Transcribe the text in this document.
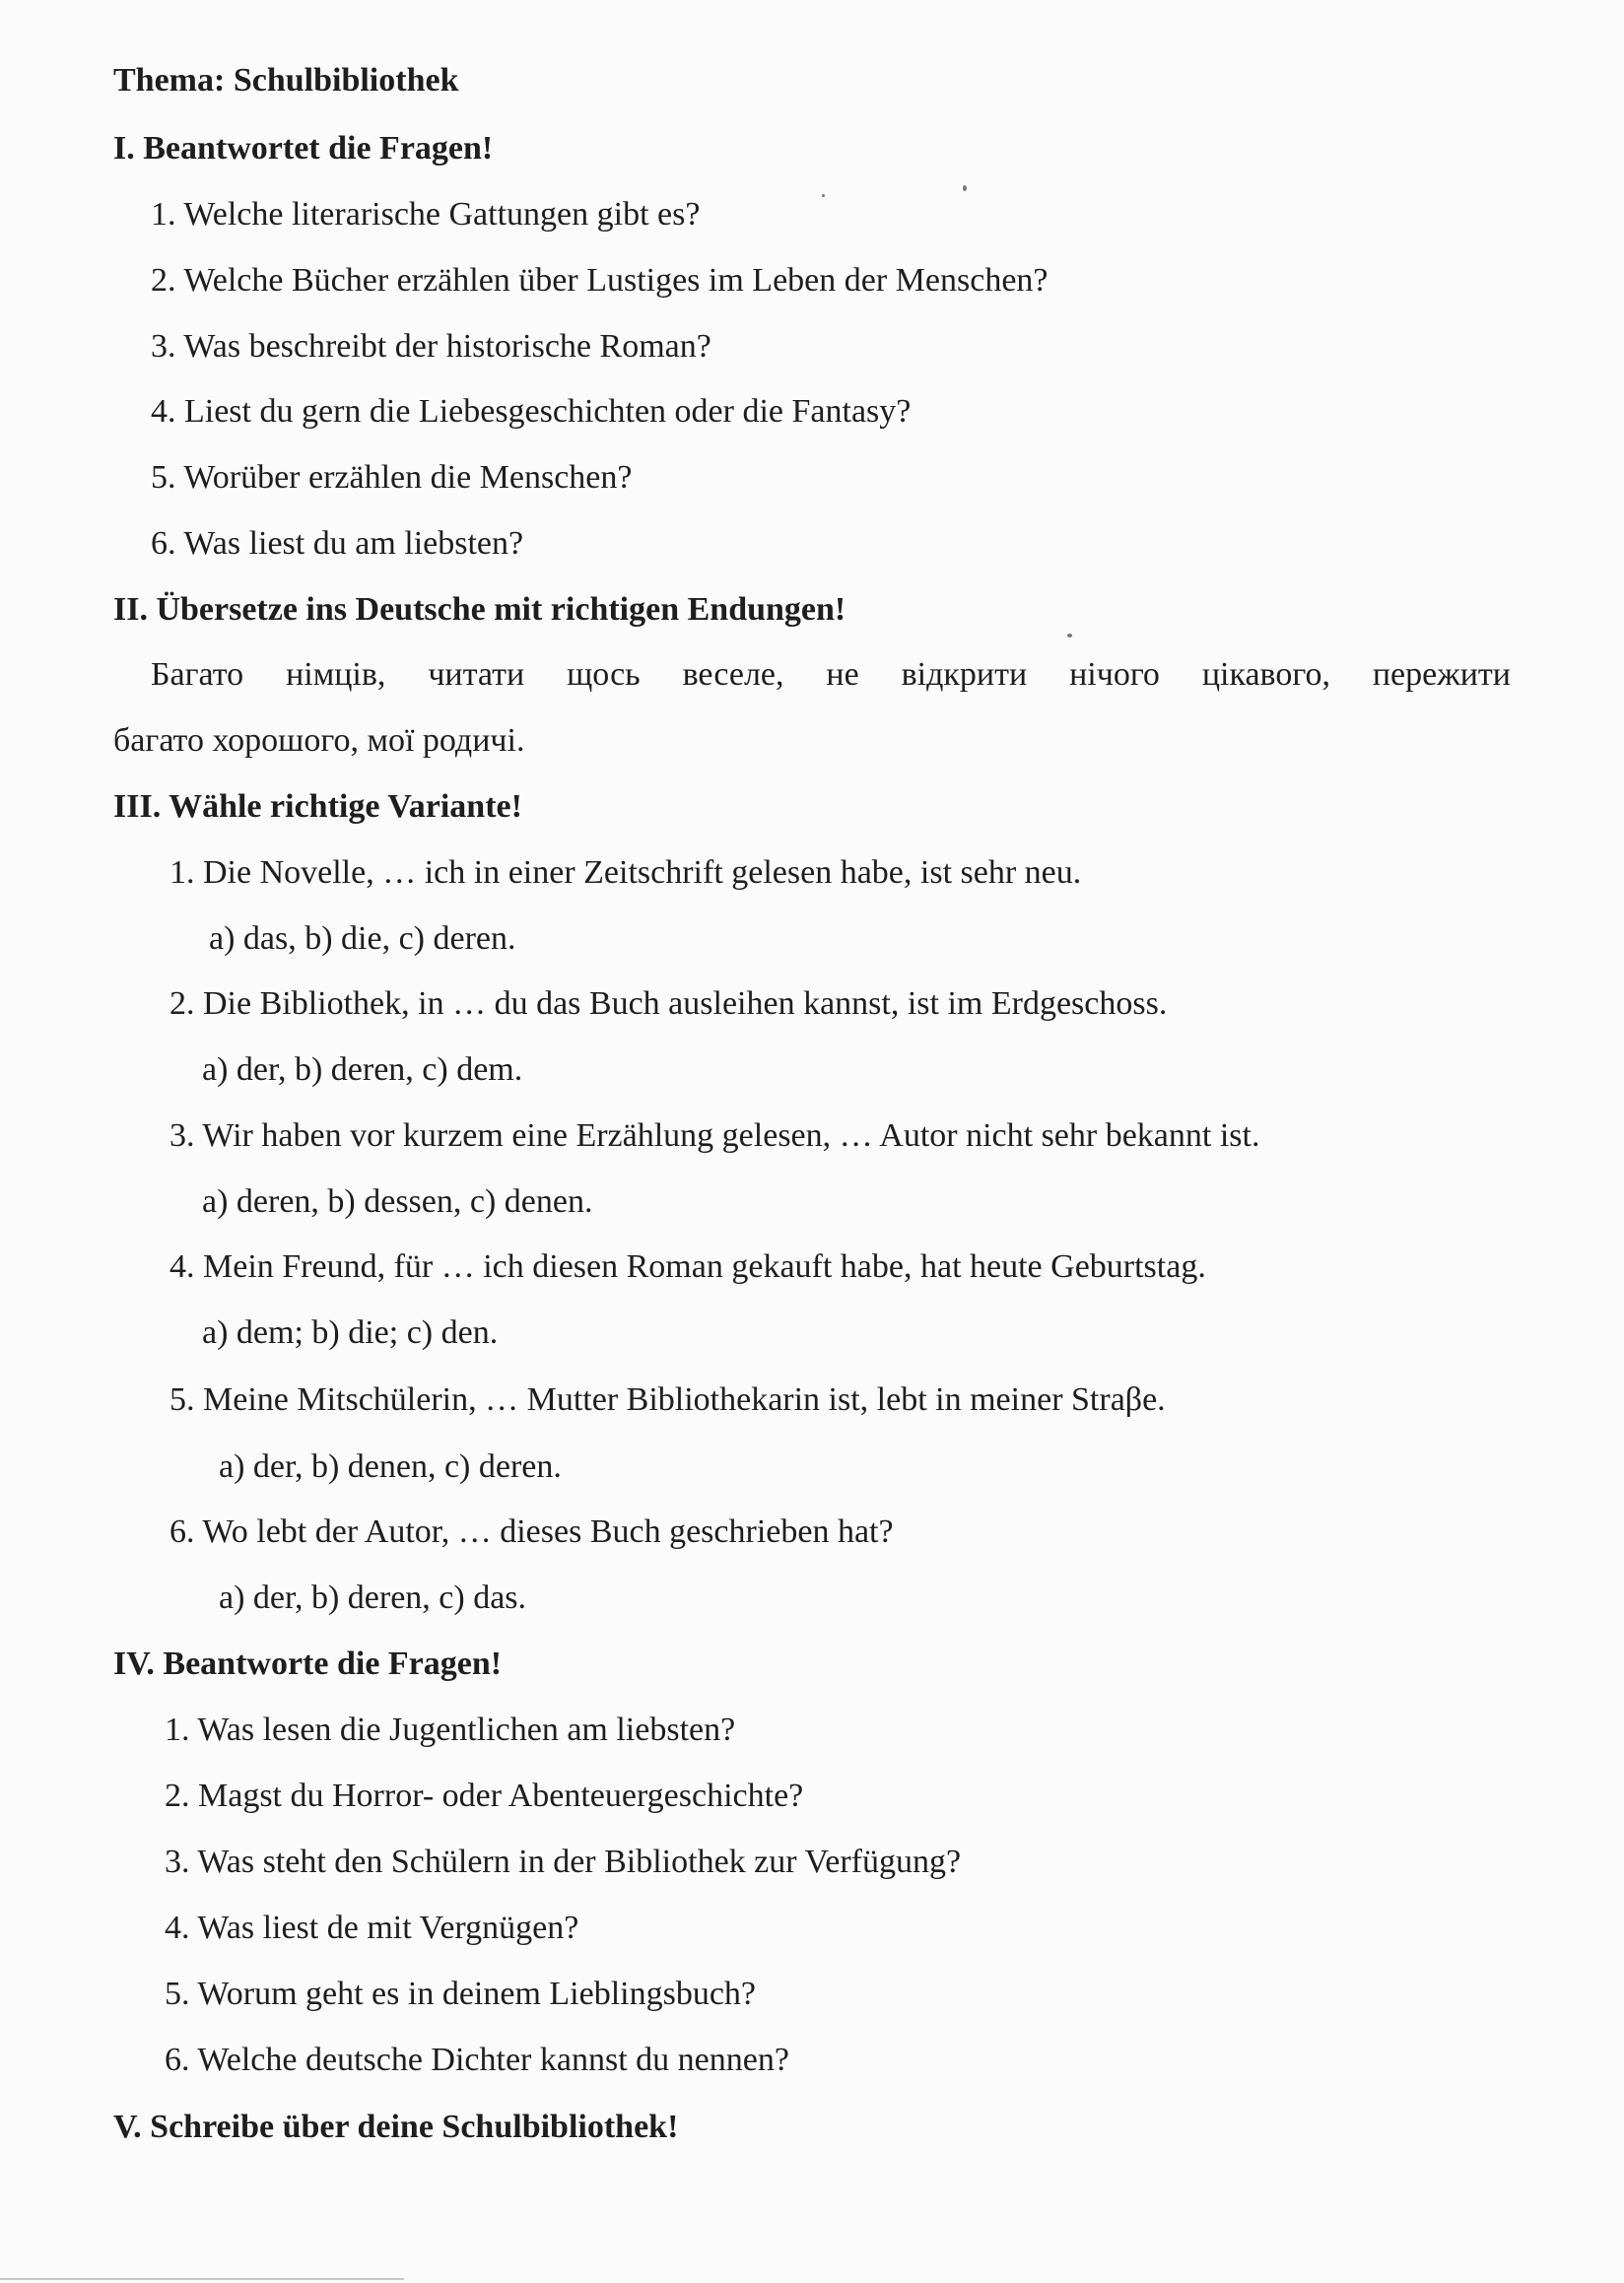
Thema: Schulbibliothek
I. Beantwortet die Fragen!
1. Welche literarische Gattungen gibt es?
2. Welche Bücher erzählen über Lustiges im Leben der Menschen?
3. Was beschreibt der historische Roman?
4. Liest du gern die Liebesgeschichten oder die Fantasy?
5. Worüber erzählen die Menschen?
6. Was liest du am liebsten?
II. Übersetze ins Deutsche mit richtigen Endungen!
Багато німців, читати щось веселе, не відкрити нічого цікавого, пережити
багато хорошого, мої родичі.
III. Wähle richtige Variante!
1. Die Novelle, … ich in einer Zeitschrift gelesen habe, ist sehr neu.
a) das, b) die, c) deren.
2. Die Bibliothek, in … du das Buch ausleihen kannst, ist im Erdgeschoss.
a) der, b) deren, c) dem.
3. Wir haben vor kurzem eine Erzählung gelesen, … Autor nicht sehr bekannt ist.
a) deren, b) dessen, c) denen.
4. Mein Freund, für … ich diesen Roman gekauft habe, hat heute Geburtstag.
a) dem; b) die; c) den.
5. Meine Mitschülerin, … Mutter Bibliothekarin ist, lebt in meiner Straβe.
a) der, b) denen, c) deren.
6. Wo lebt der Autor, … dieses Buch geschrieben hat?
a) der, b) deren, c) das.
IV. Beantworte die Fragen!
1. Was lesen die Jugentlichen am liebsten?
2. Magst du Horror- oder Abenteuergeschichte?
3. Was steht den Schülern in der Bibliothek zur Verfügung?
4. Was liest de mit Vergnügen?
5. Worum geht es in deinem Lieblingsbuch?
6. Welche deutsche Dichter kannst du nennen?
V. Schreibe über deine Schulbibliothek!
